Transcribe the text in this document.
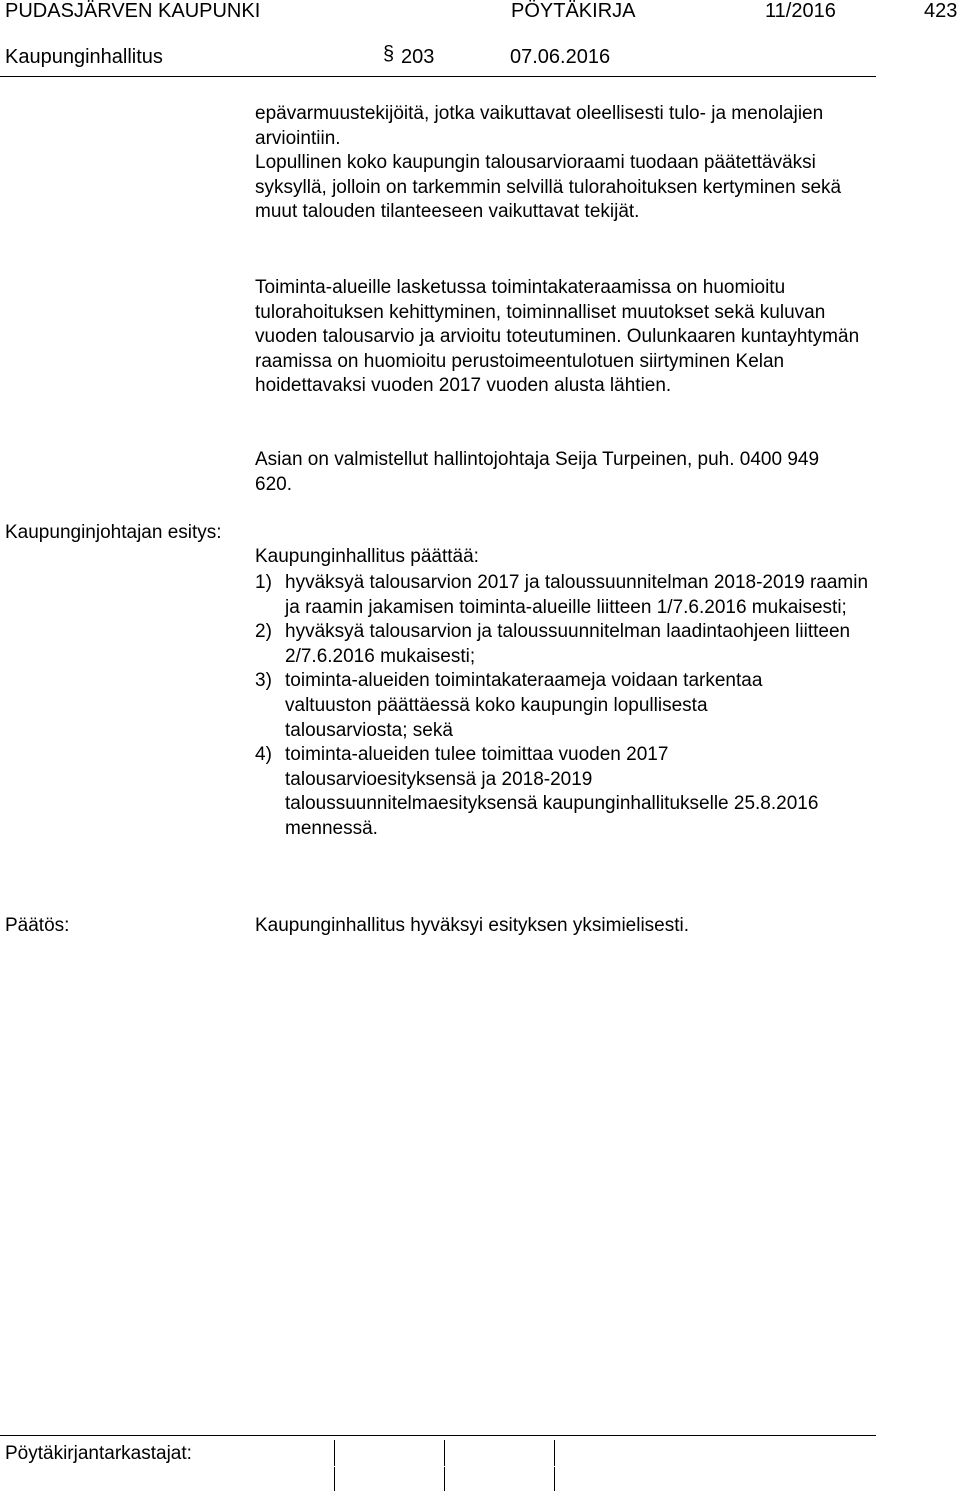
PUDASJÄRVEN KAUPUNKI	PÖYTÄKIRJA	11/2016	423
Kaupunginhallitus	§ 203	07.06.2016
epävarmuustekijöitä, jotka vaikuttavat oleellisesti tulo- ja menolajien arviointiin.
Lopullinen koko kaupungin talousarvioraami tuodaan päätettäväksi syksyllä, jolloin on tarkemmin selvillä tulorahoituksen kertyminen sekä muut talouden tilanteeseen vaikuttavat tekijät.
Toiminta-alueille lasketussa toimintakateraamissa on huomioitu tulorahoituksen kehittyminen, toiminnalliset muutokset sekä kuluvan vuoden talousarvio ja arvioitu toteutuminen. Oulunkaaren kuntayhtymän raamissa on huomioitu perustoimeentulotuen siirtyminen Kelan hoidettavaksi vuoden 2017 vuoden alusta lähtien.
Asian on valmistellut hallintojohtaja Seija Turpeinen, puh. 0400 949 620.
Kaupunginjohtajan esitys:
Kaupunginhallitus päättää:
1) hyväksyä talousarvion 2017 ja taloussuunnitelman 2018-2019 raamin ja raamin jakamisen toiminta-alueille liitteen 1/7.6.2016 mukaisesti;
2) hyväksyä talousarvion ja taloussuunnitelman laadintaohjeen liitteen 2/7.6.2016 mukaisesti;
3) toiminta-alueiden toimintakateraameja voidaan tarkentaa valtuuston päättäessä koko kaupungin lopullisesta talousarviosta; sekä
4) toiminta-alueiden tulee toimittaa vuoden 2017 talousarvioesityksensä ja 2018-2019 taloussuunnitelmaesityksensä kaupunginhallitukselle 25.8.2016 mennessä.
Päätös:	Kaupunginhallitus hyväksyi esityksen yksimielisesti.
Pöytäkirjantarkastajat:
